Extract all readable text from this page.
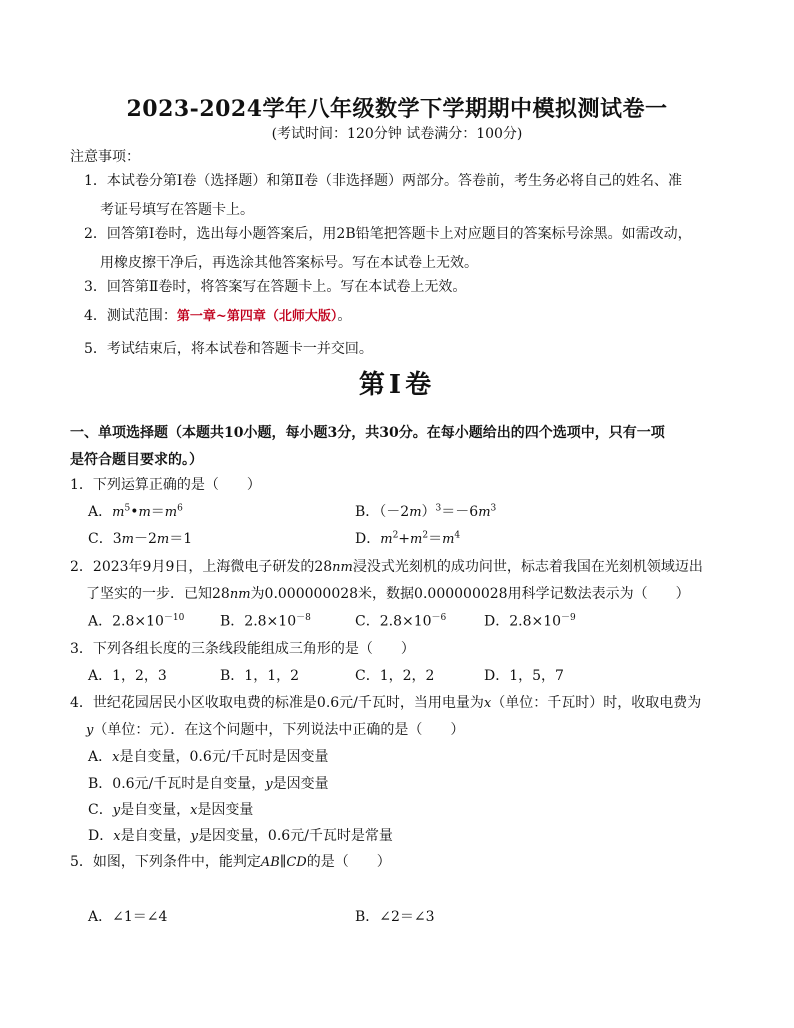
2023-2024学年八年级数学下学期期中模拟测试卷一
(考试时间：120分钟 试卷满分：100分)
注意事项：
1．本试卷分第Ⅰ卷（选择题）和第Ⅱ卷（非选择题）两部分。答卷前，考生务必将自己的姓名、准
考证号填写在答题卡上。
2．回答第Ⅰ卷时，选出每小题答案后，用2B铅笔把答题卡上对应题目的答案标号涂黑。如需改动，
用橡皮擦干净后，再选涂其他答案标号。写在本试卷上无效。
3．回答第Ⅱ卷时，将答案写在答题卡上。写在本试卷上无效。
4．测试范围：第一章~第四章（北师大版）。
5．考试结束后，将本试卷和答题卡一并交回。
第Ⅰ卷
一、单项选择题（本题共10小题，每小题3分，共30分。在每小题给出的四个选项中，只有一项
是符合题目要求的。）
1．下列运算正确的是（　　）
A．$m^5•m=m^6$	B．$(-2m)^3=-6m^3$
C．3m－2m＝1	D．$m^2+m^2=m^4$
2．2023年9月9日，上海微电子研发的28nm浸没式光刻机的成功问世，标志着我国在光刻机领域迈出
了坚实的一步．已知28nm为0.000000028米，数据0.000000028用科学记数法表示为（　　）
A．$2.8\times 10^{-10}$	B．$2.8\times 10^{-8}$	C．$2.8\times 10^{-6}$	D．$2.8\times 10^{-9}$
3．下列各组长度的三条线段能组成三角形的是（　　）
A．1，2，3	B．1，1，2	C．1，2，2	D．1，5，7
4．世纪花园居民小区收取电费的标准是0.6元/千瓦时，当用电量为x（单位：千瓦时）时，收取电费为
y（单位：元）．在这个问题中，下列说法中正确的是（　　）
A．x是自变量，0.6元/千瓦时是因变量
B．0.6元/千瓦时是自变量，y是因变量
C．y是自变量，x是因变量
D．x是自变量，y是因变量，0.6元/千瓦时是常量
5．如图，下列条件中，能判定AB∥CD的是（　　）
A．∠1＝∠4	B．∠2＝∠3
